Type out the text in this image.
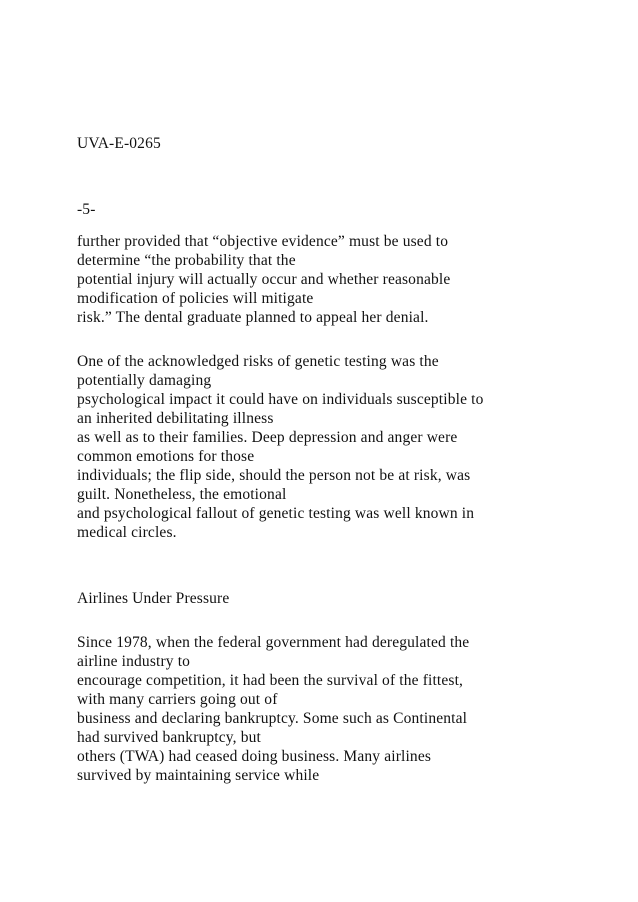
UVA-E-0265
-5-
further provided that “objective evidence” must be used to
determine “the probability that the
potential injury will actually occur and whether reasonable
modification of policies will mitigate
risk.” The dental graduate planned to appeal her denial.
One of the acknowledged risks of genetic testing was the
potentially damaging
psychological impact it could have on individuals susceptible to
an inherited debilitating illness
as well as to their families. Deep depression and anger were
common emotions for those
individuals; the flip side, should the person not be at risk, was
guilt. Nonetheless, the emotional
and psychological fallout of genetic testing was well known in
medical circles.
Airlines Under Pressure
Since 1978, when the federal government had deregulated the
airline industry to
encourage competition, it had been the survival of the fittest,
with many carriers going out of
business and declaring bankruptcy. Some such as Continental
had survived bankruptcy, but
others (TWA) had ceased doing business. Many airlines
survived by maintaining service while
